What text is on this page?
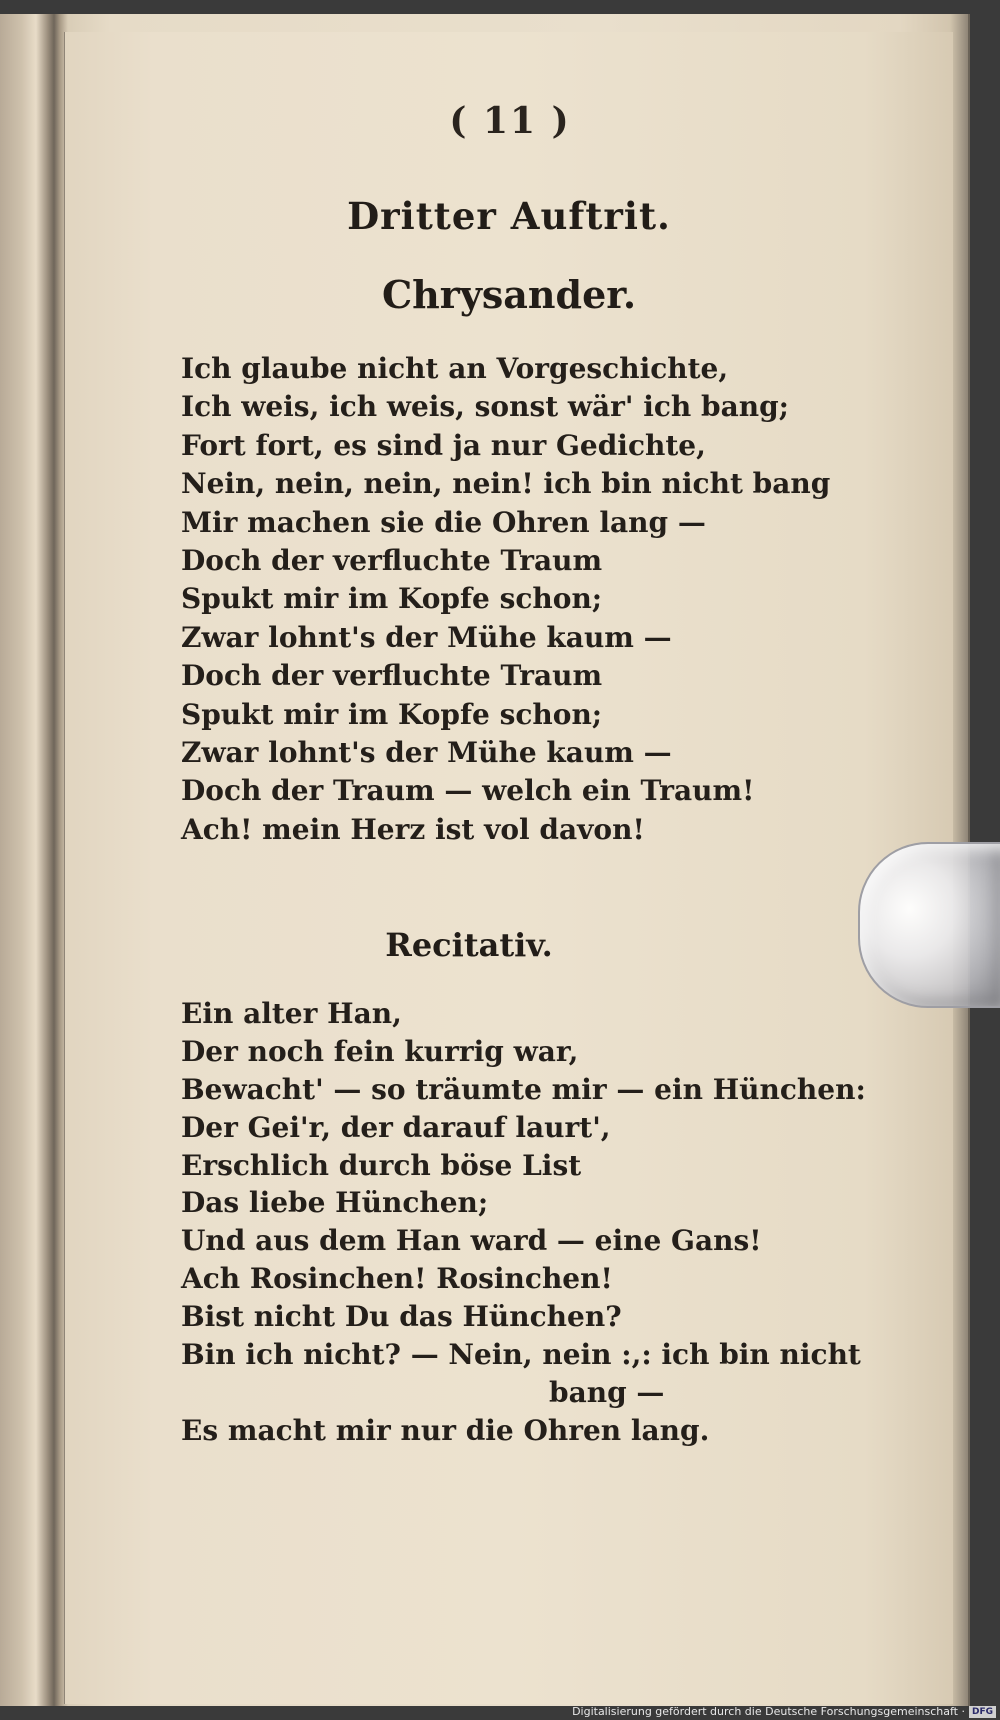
( 11 )
Dritter Auftrit.
Chrysander.
Ich glaube nicht an Vorgeschichte,
Ich weis, ich weis, sonst wär' ich bang;
Fort fort, es sind ja nur Gedichte,
Nein, nein, nein, nein! ich bin nicht bang
Mir machen sie die Ohren lang —
Doch der verfluchte Traum
Spukt mir im Kopfe schon;
Zwar lohnt's der Mühe kaum —
Doch der verfluchte Traum
Spukt mir im Kopfe schon;
Zwar lohnt's der Mühe kaum —
Doch der Traum — welch ein Traum!
Ach! mein Herz ist vol davon!
Recitativ.
Ein alter Han,
Der noch fein kurrig war,
Bewacht' — so träumte mir — ein Hünchen:
Der Gei'r, der darauf laurt',
Erschlich durch böse List
Das liebe Hünchen;
Und aus dem Han ward — eine Gans!
Ach Rosinchen! Rosinchen!
Bist nicht Du das Hünchen?
Bin ich nicht? — Nein, nein :,: ich bin nicht
bang —
Es macht mir nur die Ohren lang.
Digitalisierung gefördert durch die Deutsche Forschungsgemeinschaft · DFG
